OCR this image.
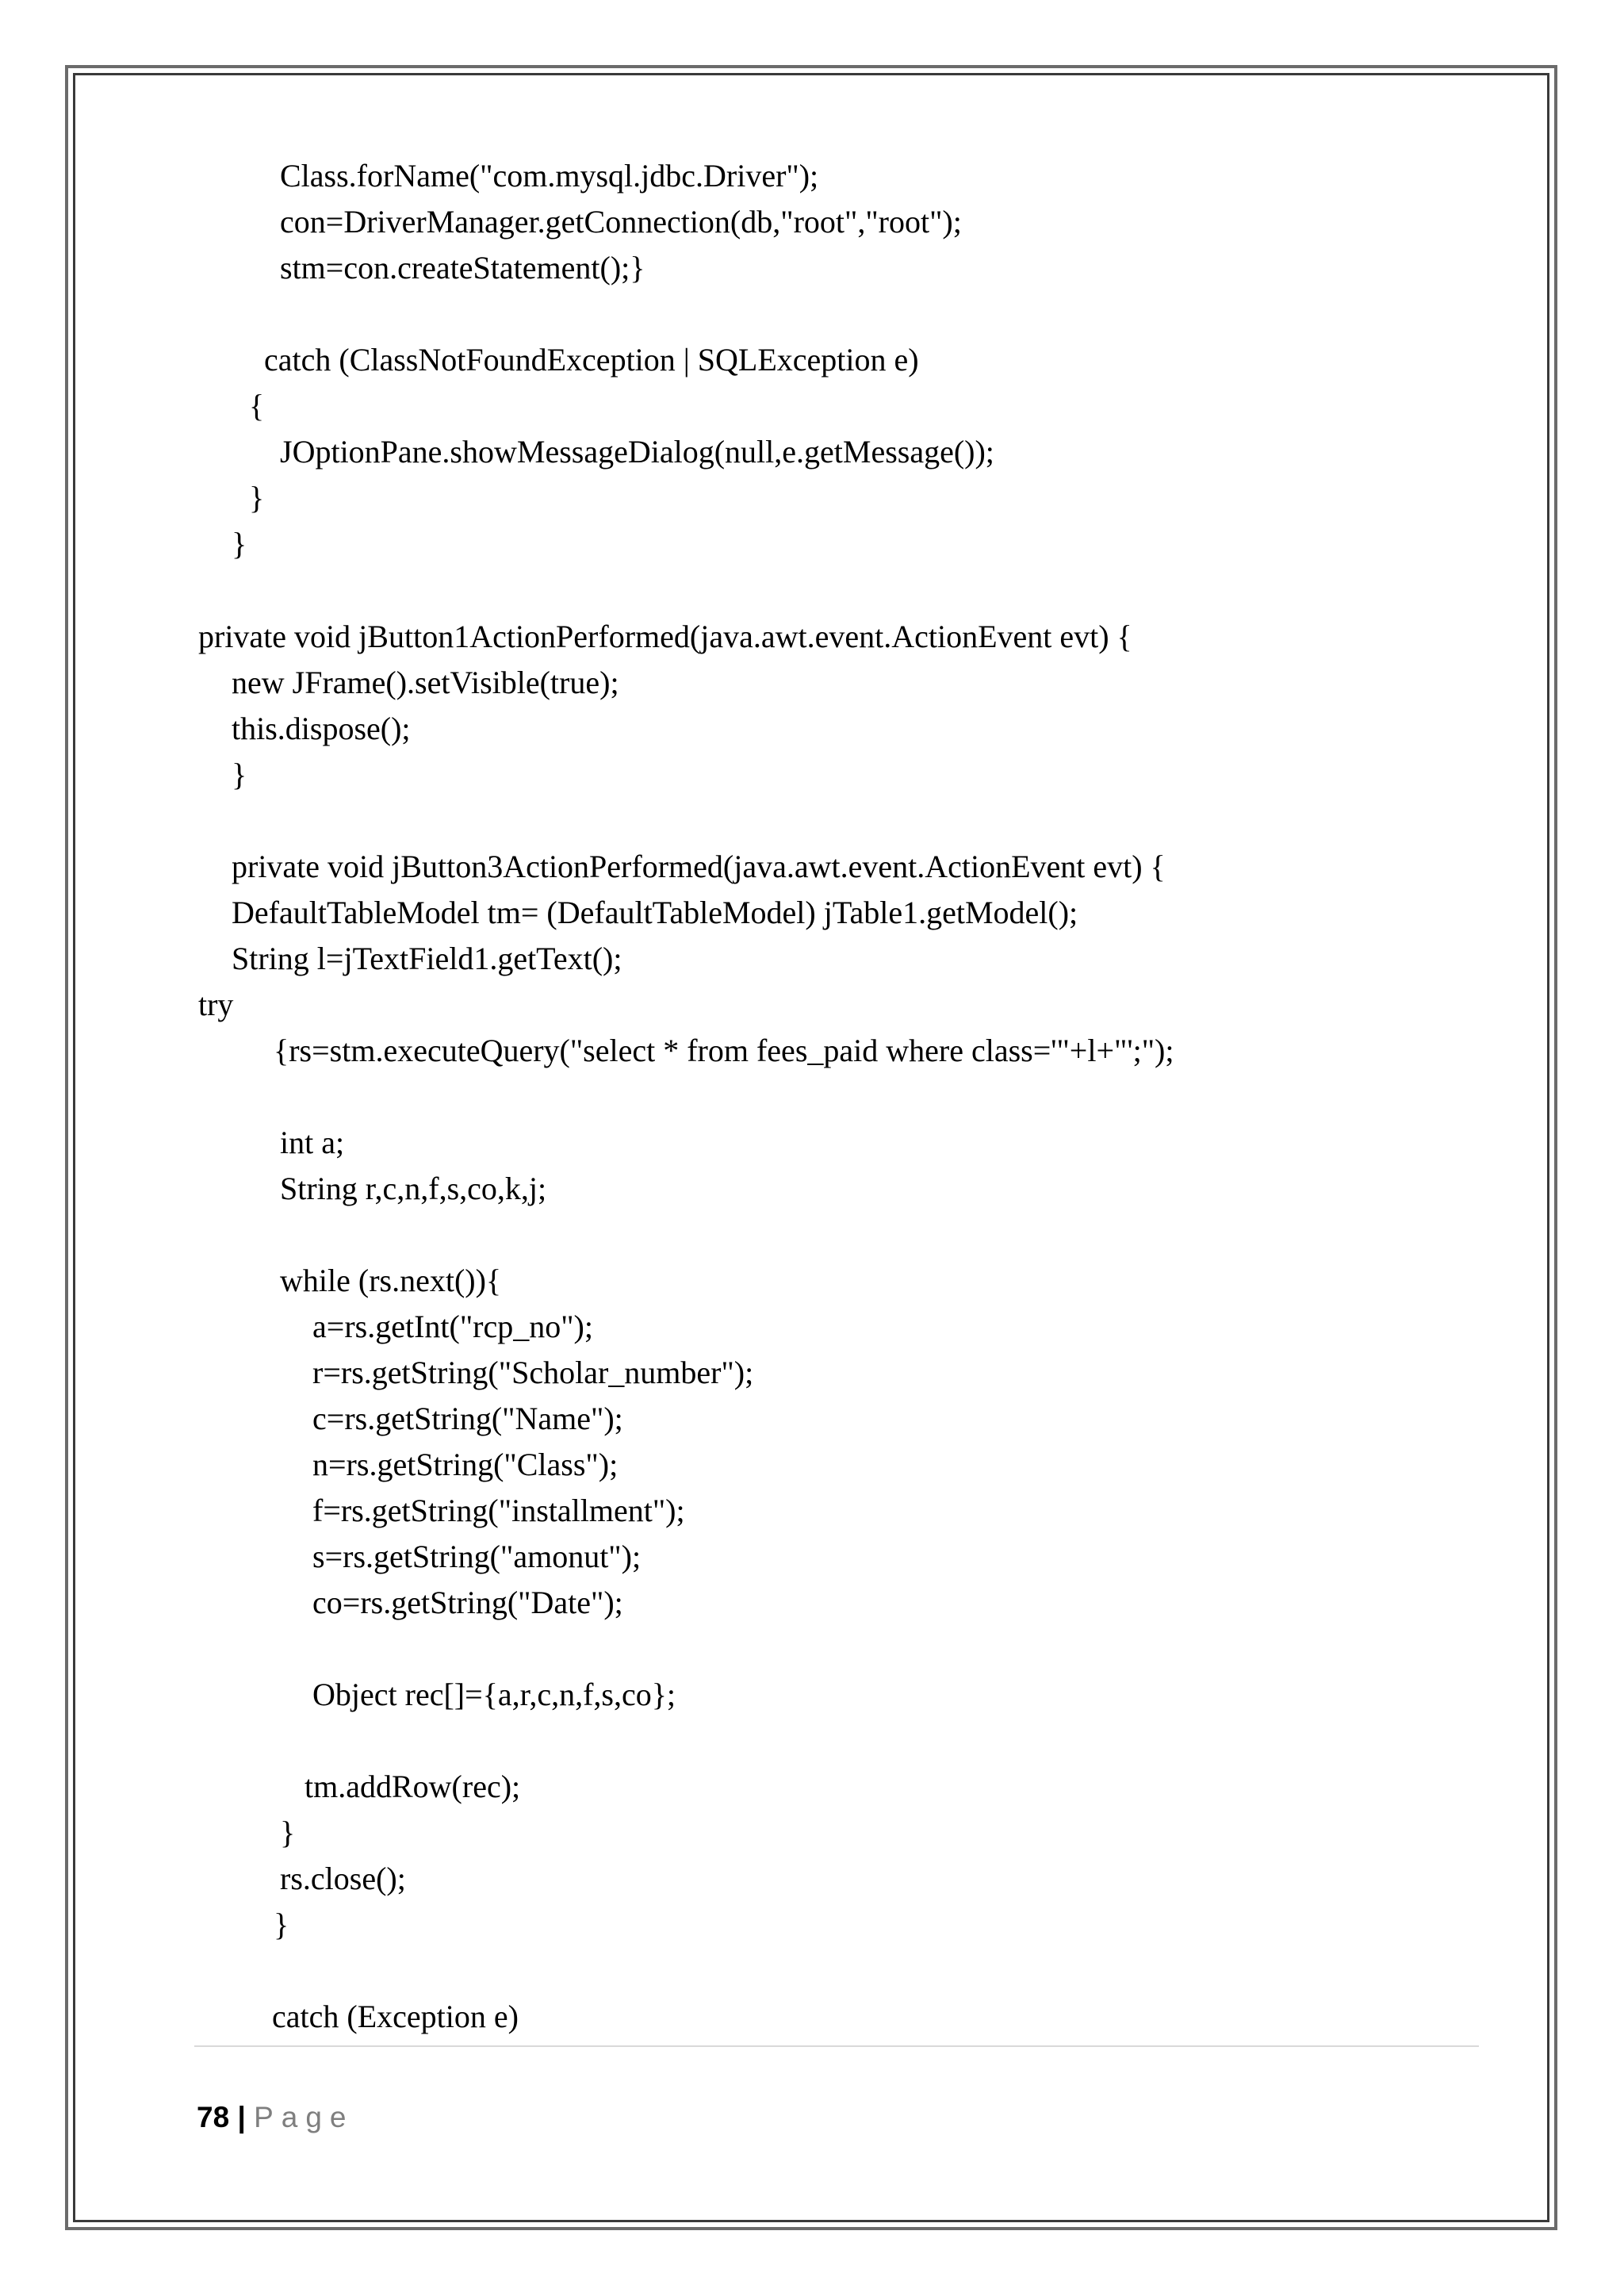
Class.forName("com.mysql.jdbc.Driver");

con=DriverManager.getConnection(db,"root","root");

stm=con.createStatement();}

catch (ClassNotFoundException | SQLException e)

{

JOptionPane.showMessageDialog(null,e.getMessage());

}

}

private void jButton1ActionPerformed(java.awt.event.ActionEvent evt) {

new JFrame().setVisible(true);

this.dispose();

}

private void jButton3ActionPerformed(java.awt.event.ActionEvent evt) {

DefaultTableModel tm= (DefaultTableModel) jTable1.getModel();

String l=jTextField1.getText();

try

{rs=stm.executeQuery("select * from fees_paid where class='"+l+"';");

int a;

String r,c,n,f,s,co,k,j;

while (rs.next()){

a=rs.getInt("rcp_no");

r=rs.getString("Scholar_number");

c=rs.getString("Name");

n=rs.getString("Class");

f=rs.getString("installment");

s=rs.getString("amonut");

co=rs.getString("Date");

Object rec[]={a,r,c,n,f,s,co};

tm.addRow(rec);

}

rs.close();

}

catch (Exception e)

78 | Page
